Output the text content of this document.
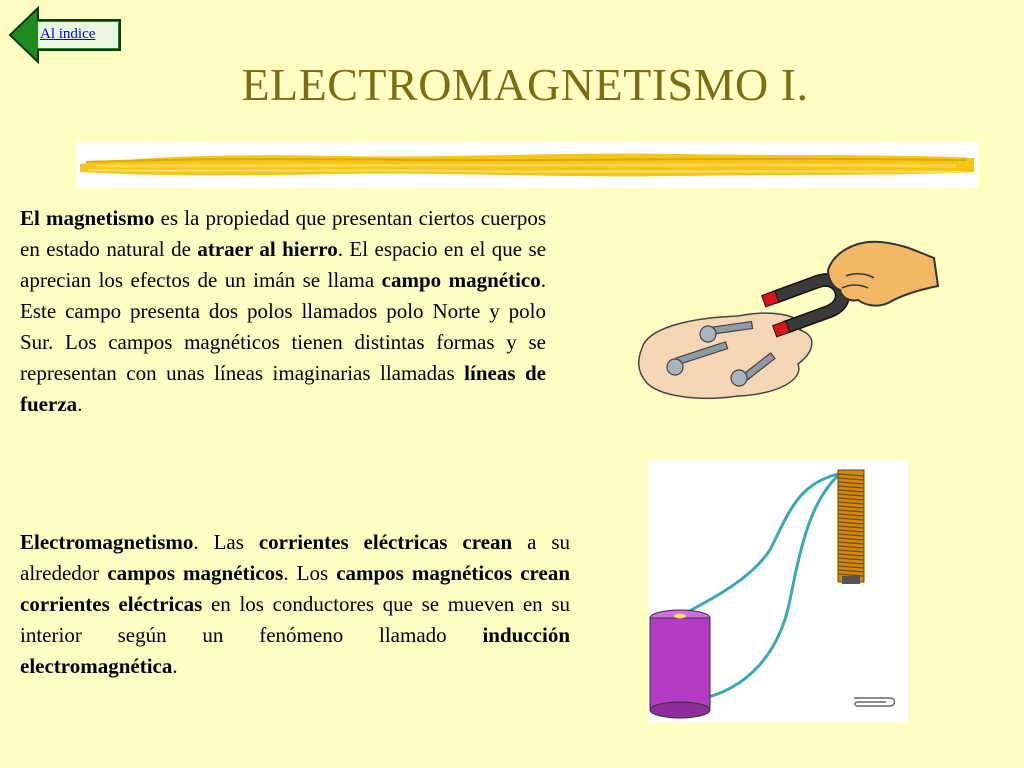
Al indice
ELECTROMAGNETISMO I.
El magnetismo es la propiedad que presentan ciertos cuerpos en estado natural de atraer al hierro. El espacio en el que se aprecian los efectos de un imán se llama campo magnético. Este campo presenta dos polos llamados polo Norte y polo Sur. Los campos magnéticos tienen distintas formas y se representan con unas líneas imaginarias llamadas líneas de fuerza.
Electromagnetismo. Las corrientes eléctricas crean a su alrededor campos magnéticos. Los campos magnéticos crean corrientes eléctricas en los conductores que se mueven en su interior según un fenómeno llamado inducción electromagnética.
